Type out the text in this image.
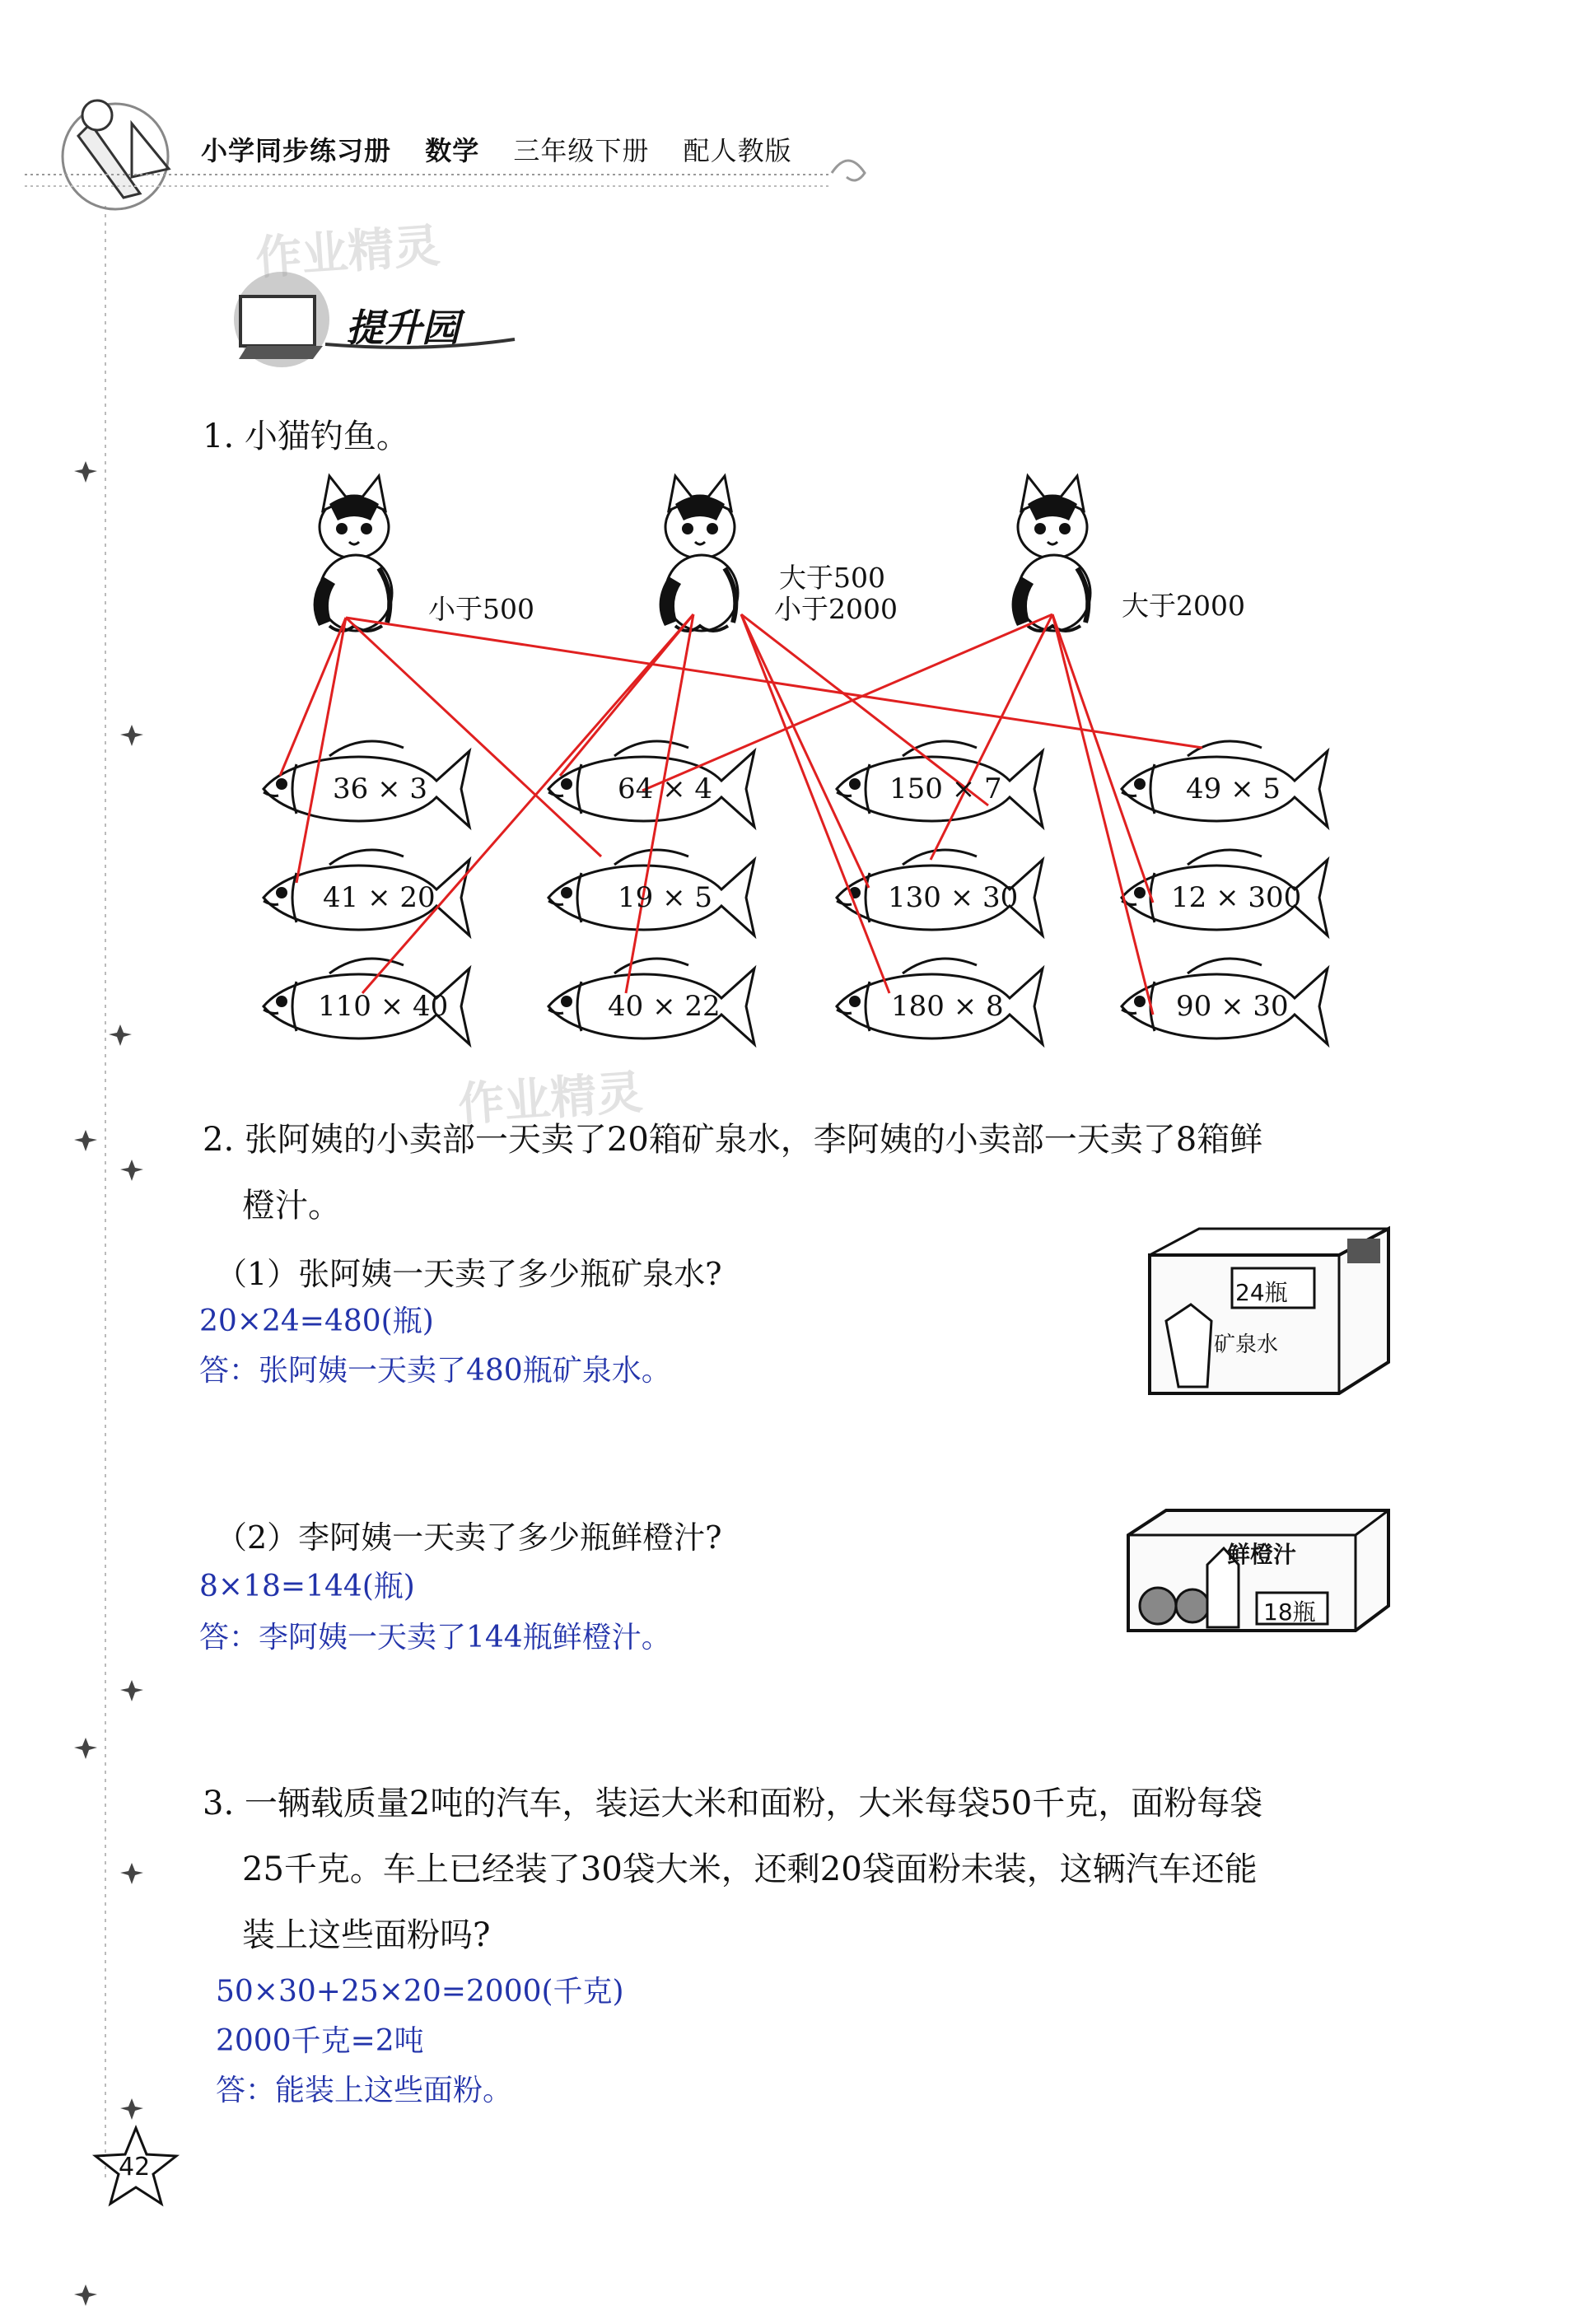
小学同步练习册 数学 三年级下册 配人教版
作业精灵
作业精灵
提升园
1. 小猫钓鱼。
小于500
大于500
小于2000	大于2000
36 × 3	64 × 4	150 × 7	49 × 5
41 × 20	19 × 5	130 × 30	12 × 300
110 × 40	40 × 22	180 × 8	90 × 30
2. 张阿姨的小卖部一天卖了20箱矿泉水，李阿姨的小卖部一天卖了8箱鲜
橙汁。
（1）张阿姨一天卖了多少瓶矿泉水?
20×24=480(瓶)
答：张阿姨一天卖了480瓶矿泉水。
24瓶
矿泉水
（2）李阿姨一天卖了多少瓶鲜橙汁?
8×18=144(瓶)
答：李阿姨一天卖了144瓶鲜橙汁。
鲜橙汁
18瓶
3. 一辆载质量2吨的汽车，装运大米和面粉，大米每袋50千克，面粉每袋
25千克。车上已经装了30袋大米，还剩20袋面粉未装，这辆汽车还能
装上这些面粉吗?
50×30+25×20=2000(千克)
2000千克=2吨
答：能装上这些面粉。
42
